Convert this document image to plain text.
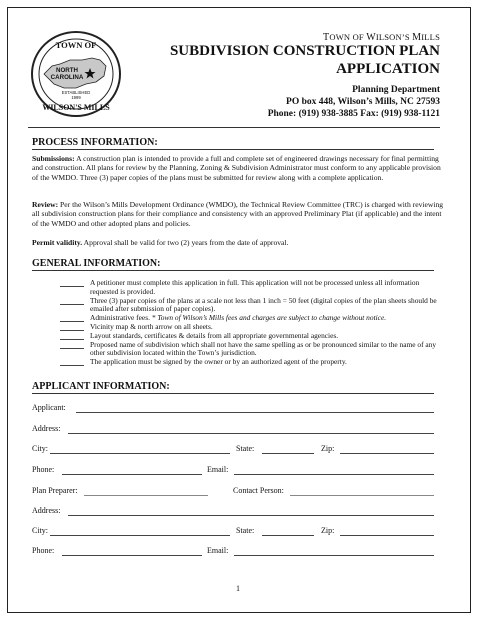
TOWN OF
NORTH
CAROLINA
ESTABLISHED
1999
WILSON'S MILLS
TOWN OF WILSON’S MILLS
SUBDIVISION CONSTRUCTION PLAN
APPLICATION
Planning Department
PO box 448, Wilson’s Mills, NC 27593
Phone: (919) 938-3885 Fax: (919) 938-1121
PROCESS INFORMATION:
Submissions: A construction plan is intended to provide a full and complete set of engineered drawings necessary for final permitting and construction. All plans for review by the Planning, Zoning & Subdivision Administrator must conform to any applicable provision of the WMDO. Three (3) paper copies of the plans must be submitted for review along with a complete application.
Review: Per the Wilson’s Mills Development Ordinance (WMDO), the Technical Review Committee (TRC) is charged with reviewing all subdivision construction plans for their compliance and consistency with an approved Preliminary Plat (if applicable) and the intent of the WMDO and other adopted plans and policies.
Permit validity. Approval shall be valid for two (2) years from the date of approval.
GENERAL INFORMATION:
A petitioner must complete this application in full. This application will not be processed unless all information requested is provided.
Three (3) paper copies of the plans at a scale not less than 1 inch = 50 feet (digital copies of the plan sheets should be emailed after submission of paper copies).
Administrative fees. * Town of Wilson’s Mills fees and charges are subject to change without notice.
Vicinity map & north arrow on all sheets.
Layout standards, certificates & details from all appropriate governmental agencies.
Proposed name of subdivision which shall not have the same spelling as or be pronounced similar to the name of any other subdivision located within the Town’s jurisdiction.
The application must be signed by the owner or by an authorized agent of the property.
APPLICANT INFORMATION:
Applicant:
Address:
City:	State:	Zip:
Phone:	Email:
Plan Preparer:	Contact Person:
Address:
City:	State:	Zip:
Phone:	Email:
1
